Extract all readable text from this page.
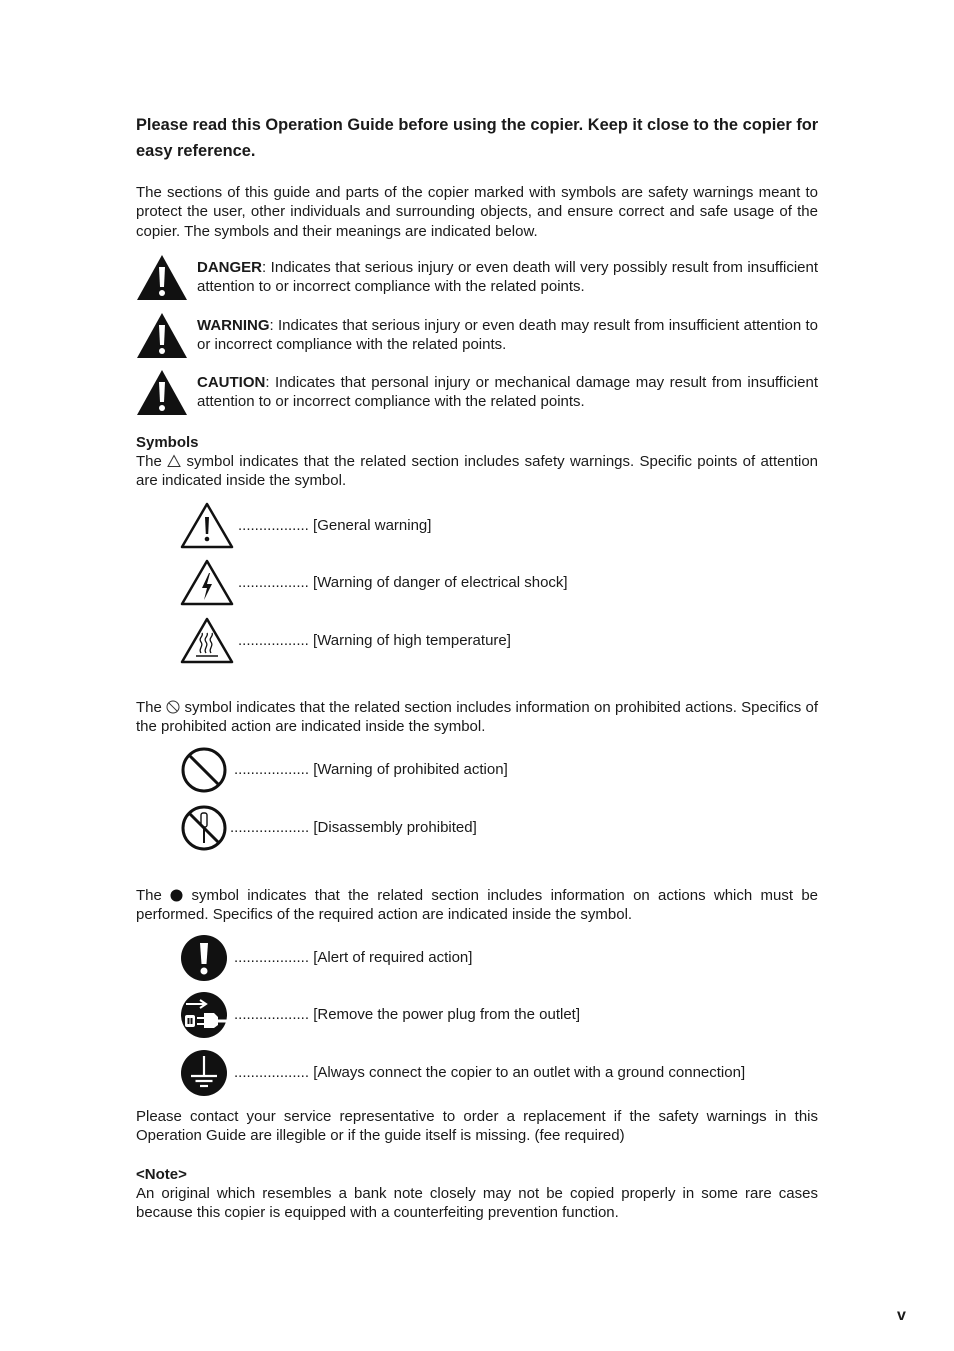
Please read this Operation Guide before using the copier. Keep it close to the copier for easy reference.

The sections of this guide and parts of the copier marked with symbols are safety warnings meant to protect the user, other individuals and surrounding objects, and ensure correct and safe usage of the copier. The symbols and their meanings are indicated below.

DANGER: Indicates that serious injury or even death will very possibly result from insufficient attention to or incorrect compliance with the related points.

WARNING: Indicates that serious injury or even death may result from insufficient attention to or incorrect compliance with the related points.

CAUTION: Indicates that personal injury or mechanical damage may result from insufficient attention to or incorrect compliance with the related points.

Symbols

The symbol indicates that the related section includes safety warnings. Specific points of attention are indicated inside the symbol.

................. [General warning]
................. [Warning of danger of electrical shock]
................. [Warning of high temperature]

The symbol indicates that the related section includes information on prohibited actions. Specifics of the prohibited action are indicated inside the symbol.

.................. [Warning of prohibited action]
................... [Disassembly prohibited]

The symbol indicates that the related section includes information on actions which must be performed. Specifics of the required action are indicated inside the symbol.

.................. [Alert of required action]
.................. [Remove the power plug from the outlet]
.................. [Always connect the copier to an outlet with a ground connection]

Please contact your service representative to order a replacement if the safety warnings in this Operation Guide are illegible or if the guide itself is missing. (fee required)

<Note>

An original which resembles a bank note closely may not be copied properly in some rare cases because this copier is equipped with a counterfeiting prevention function.

v
